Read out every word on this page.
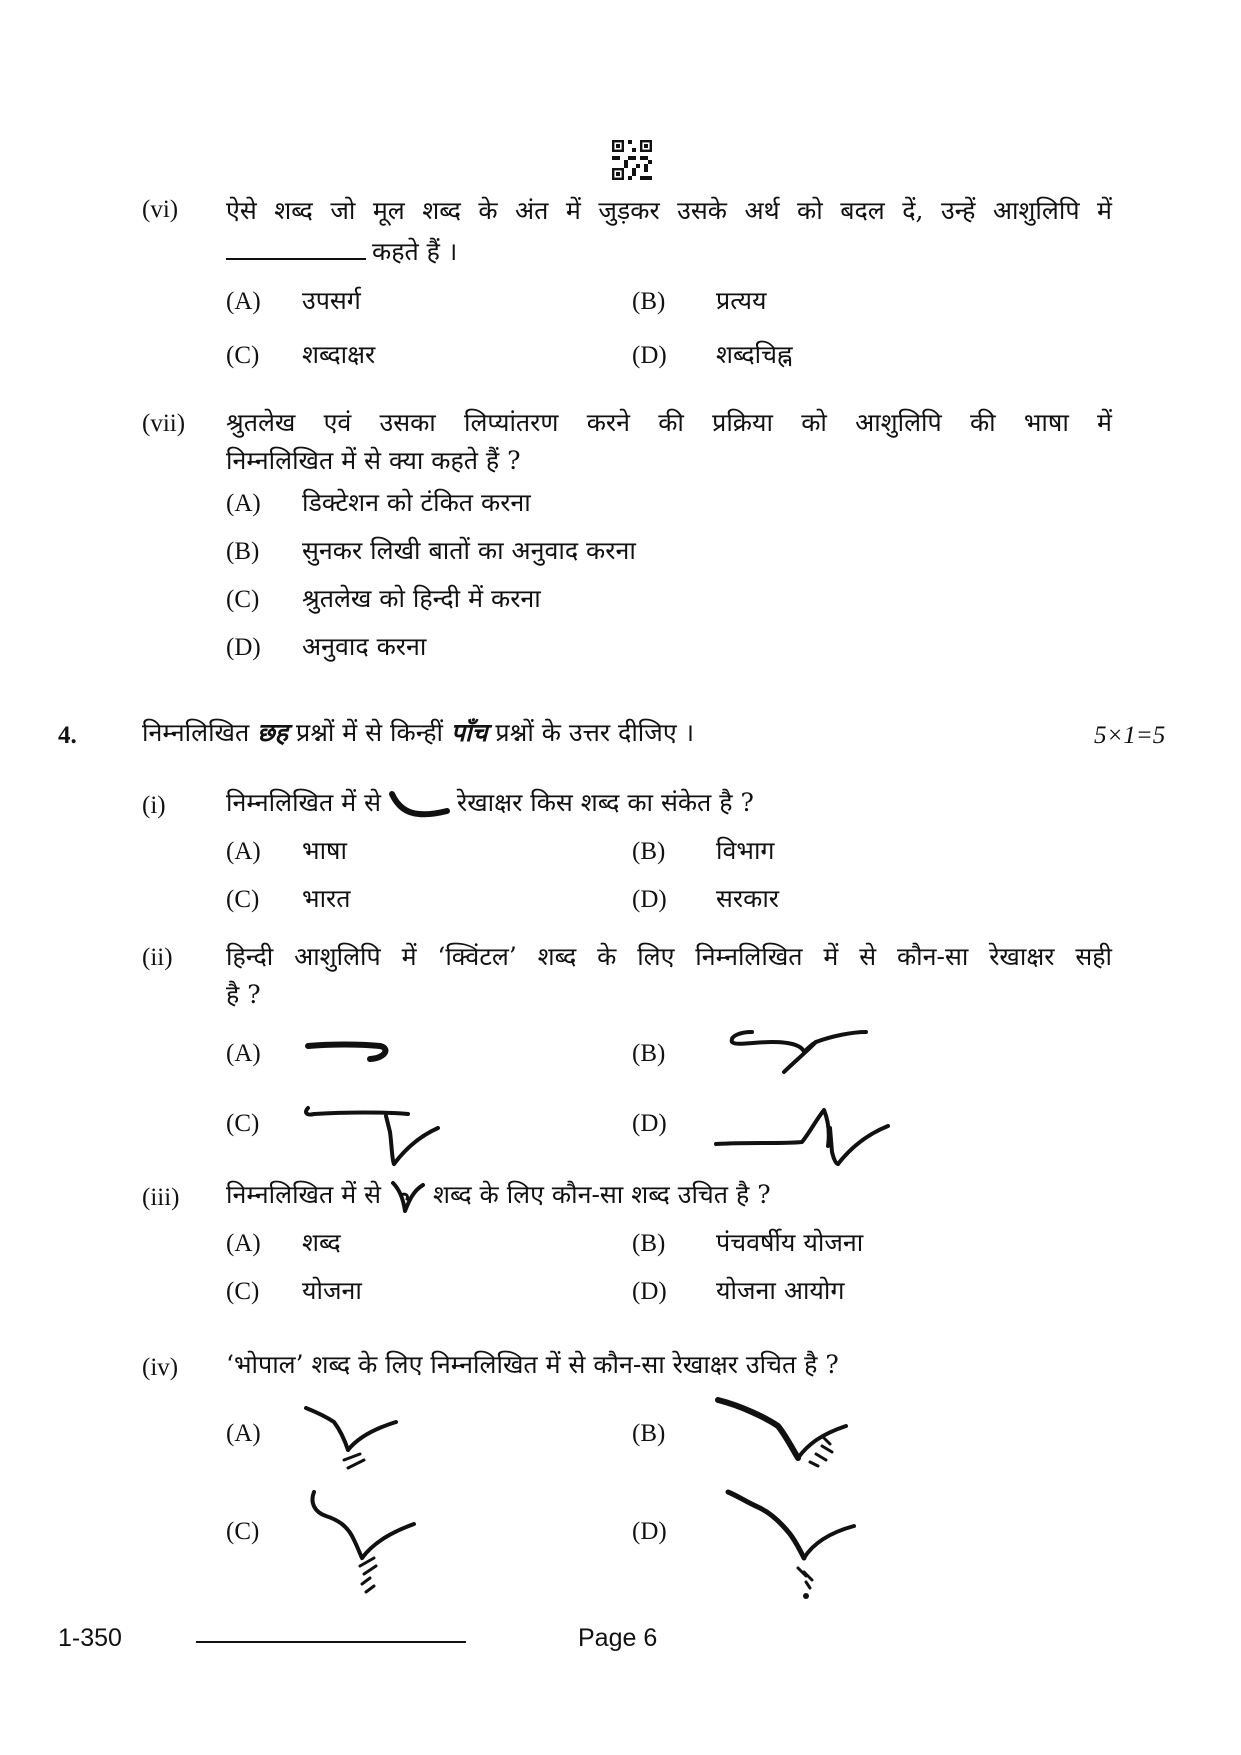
(vi) ऐसे शब्द जो मूल शब्द के अंत में जुड़कर उसके अर्थ को बदल दें, उन्हें आशुलिपि में
कहते हैं ।
(A) उपसर्ग	(B) प्रत्यय
(C) शब्दाक्षर	(D) शब्दचिह्न
(vii) श्रुतलेख एवं उसका लिप्यांतरण करने की प्रक्रिया को आशुलिपि की भाषा में
निम्नलिखित में से क्या कहते हैं ?
(A) डिक्टेशन को टंकित करना
(B) सुनकर लिखी बातों का अनुवाद करना
(C) श्रुतलेख को हिन्दी में करना
(D) अनुवाद करना
4.	निम्नलिखित छह प्रश्नों में से किन्हीं पाँच प्रश्नों के उत्तर दीजिए ।	5×1=5
(i) निम्नलिखित में से	रेखाक्षर किस शब्द का संकेत है ?
(A) भाषा	(B) विभाग
(C) भारत	(D) सरकार
(ii) हिन्दी आशुलिपि में ‘क्विंटल’ शब्द के लिए निम्नलिखित में से कौन-सा रेखाक्षर सही
है ?
(A)	(B)
(C)	(D)
(iii) निम्नलिखित में से शब्द के लिए कौन-सा शब्द उचित है ?
(A) शब्द	(B) पंचवर्षीय योजना
(C) योजना	(D) योजना आयोग
(iv) ‘भोपाल’ शब्द के लिए निम्नलिखित में से कौन-सा रेखाक्षर उचित है ?
(A)	(B)
(C)	(D)
1-350	Page 6
